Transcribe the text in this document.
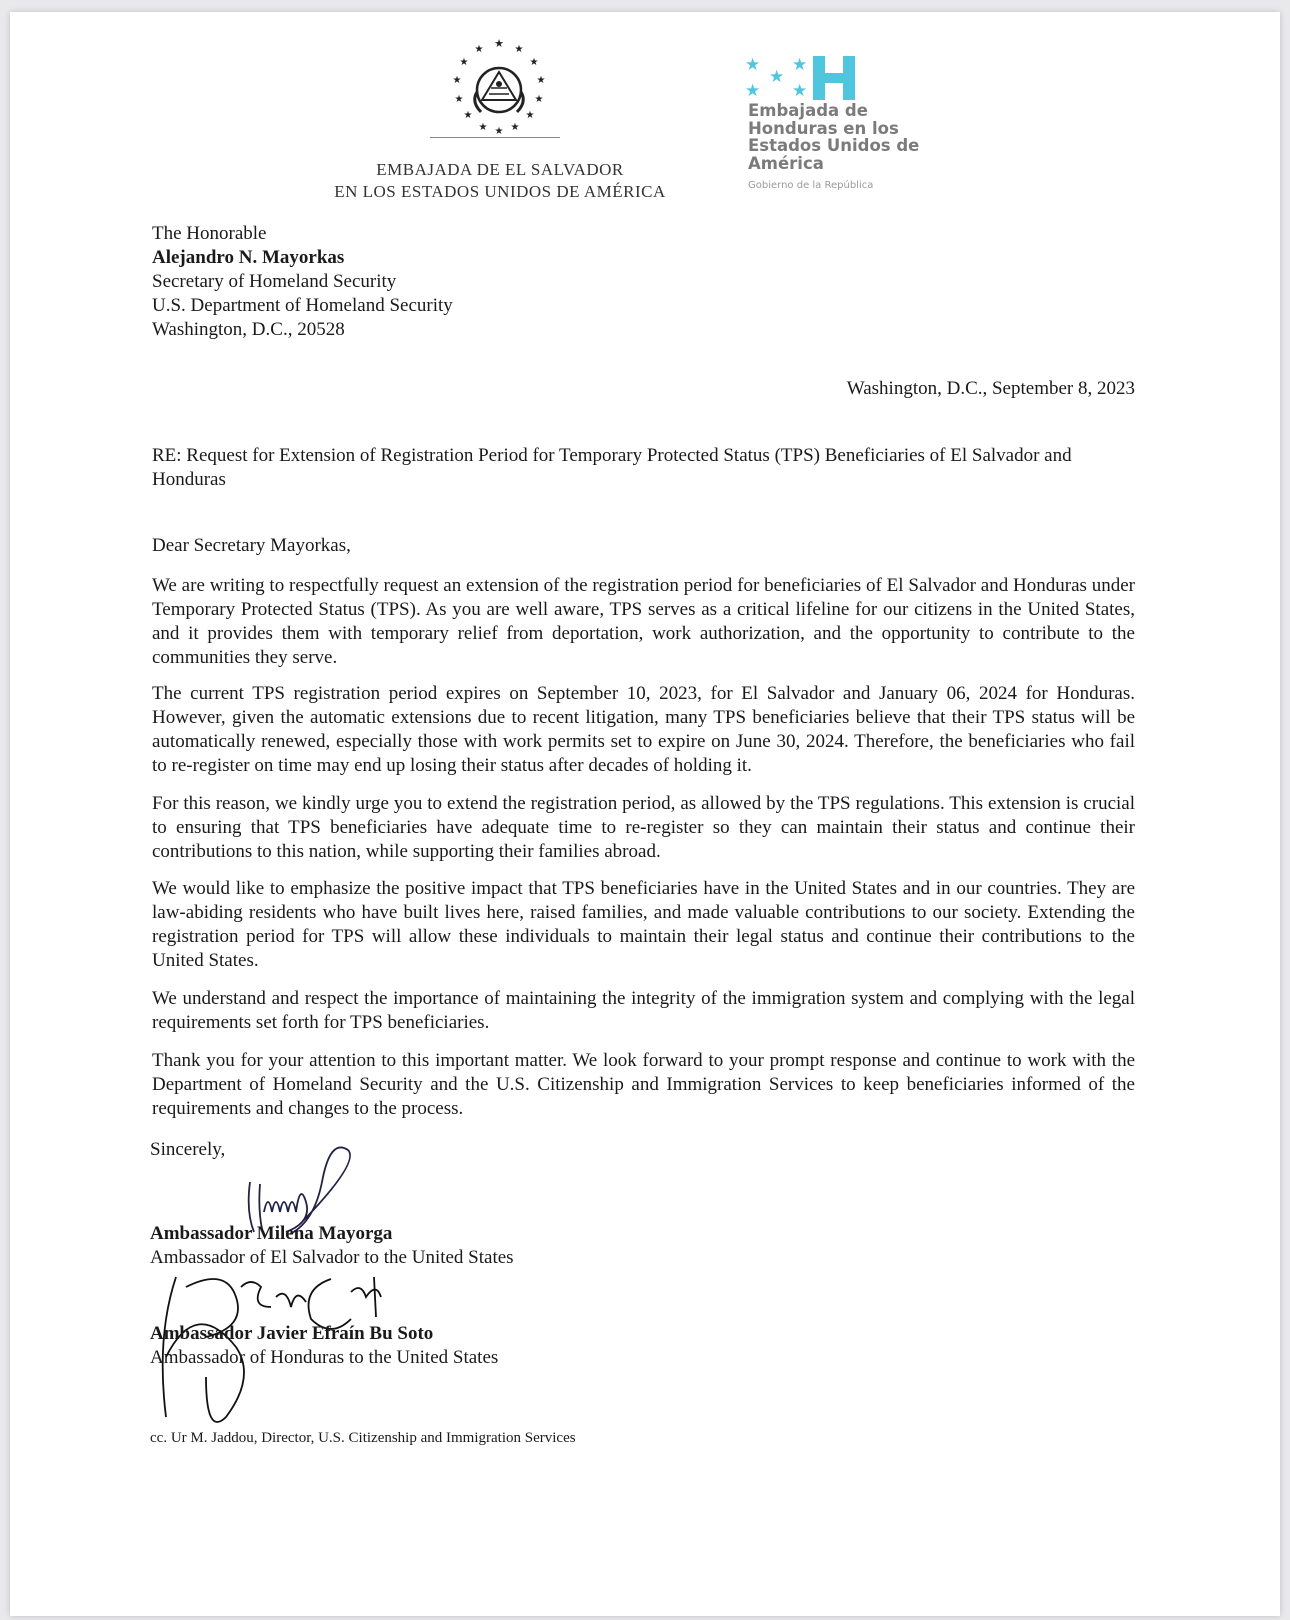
★ ★
★
★
★
★
★
★
★
★
★
★
★
★
EMBAJADA DE EL SALVADOR
EN LOS ESTADOS UNIDOS DE AMÉRICA
★
★
★
★ ★
Embajada de
Honduras en los
Estados Unidos de
América
Gobierno de la República
The Honorable
Alejandro N. Mayorkas
Secretary of Homeland Security
U.S. Department of Homeland Security
Washington, D.C., 20528
Washington, D.C., September 8, 2023
RE: Request for Extension of Registration Period for Temporary Protected Status (TPS) Beneficiaries of El Salvador and Honduras
Dear Secretary Mayorkas,
We are writing to respectfully request an extension of the registration period for beneficiaries of El Salvador and Honduras under Temporary Protected Status (TPS). As you are well aware, TPS serves as a critical lifeline for our citizens in the United States, and it provides them with temporary relief from deportation, work authorization, and the opportunity to contribute to the communities they serve.
The current TPS registration period expires on September 10, 2023, for El Salvador and January 06, 2024 for Honduras. However, given the automatic extensions due to recent litigation, many TPS beneficiaries believe that their TPS status will be automatically renewed, especially those with work permits set to expire on June 30, 2024. Therefore, the beneficiaries who fail to re-register on time may end up losing their status after decades of holding it.
For this reason, we kindly urge you to extend the registration period, as allowed by the TPS regulations. This extension is crucial to ensuring that TPS beneficiaries have adequate time to re-register so they can maintain their status and continue their contributions to this nation, while supporting their families abroad.
We would like to emphasize the positive impact that TPS beneficiaries have in the United States and in our countries. They are law-abiding residents who have built lives here, raised families, and made valuable contributions to our society. Extending the registration period for TPS will allow these individuals to maintain their legal status and continue their contributions to the United States.
We understand and respect the importance of maintaining the integrity of the immigration system and complying with the legal requirements set forth for TPS beneficiaries.
Thank you for your attention to this important matter. We look forward to your prompt response and continue to work with the Department of Homeland Security and the U.S. Citizenship and Immigration Services to keep beneficiaries informed of the requirements and changes to the process.
Sincerely,
Ambassador Milena Mayorga
Ambassador of El Salvador to the United States
Ambassador Javier Efraín Bu Soto
Ambassador of Honduras to the United States
cc. Ur M. Jaddou, Director, U.S. Citizenship and Immigration Services
